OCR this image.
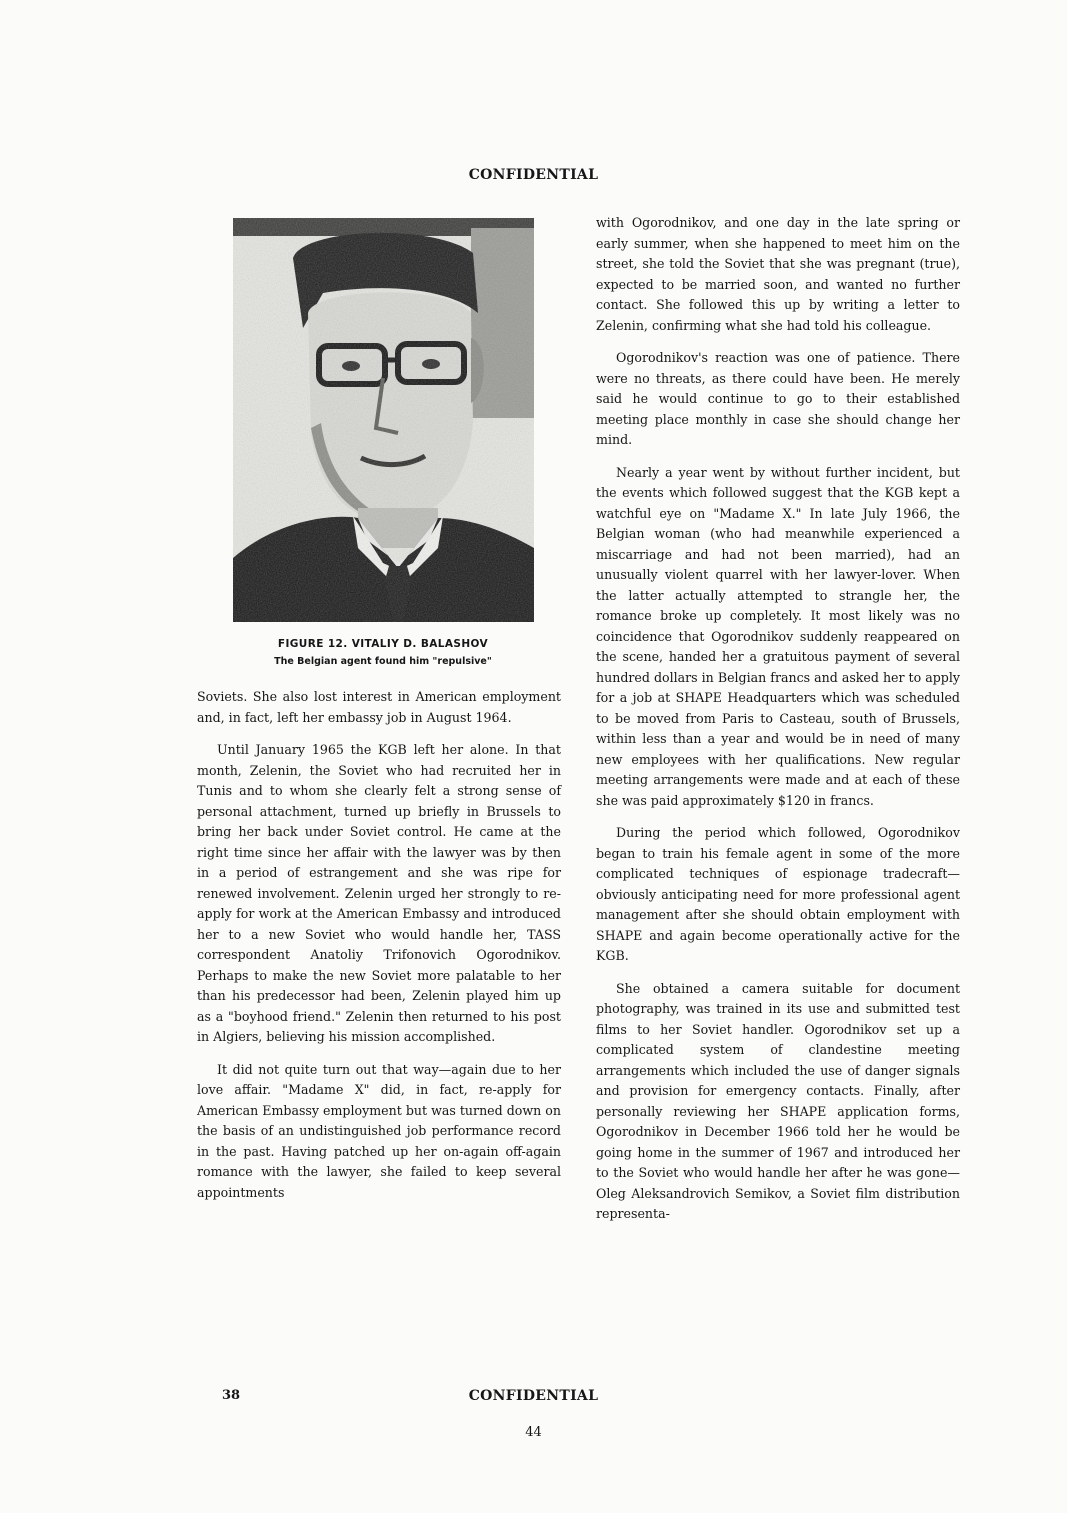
CONFIDENTIAL
FIGURE 12. VITALIY D. BALASHOV
The Belgian agent found him "repulsive"

Soviets. She also lost interest in American employment and, in fact, left her embassy job in August 1964.

Until January 1965 the KGB left her alone. In that month, Zelenin, the Soviet who had recruited her in Tunis and to whom she clearly felt a strong sense of personal attachment, turned up briefly in Brussels to bring her back under Soviet control. He came at the right time since her affair with the lawyer was by then in a period of estrangement and she was ripe for renewed involvement. Zelenin urged her strongly to re-apply for work at the American Embassy and introduced her to a new Soviet who would handle her, TASS correspondent Anatoliy Trifonovich Ogorodnikov. Perhaps to make the new Soviet more palatable to her than his predecessor had been, Zelenin played him up as a "boyhood friend." Zelenin then returned to his post in Algiers, believing his mission accomplished.

It did not quite turn out that way—again due to her love affair. "Madame X" did, in fact, re-apply for American Embassy employment but was turned down on the basis of an undistinguished job performance record in the past. Having patched up her on-again off-again romance with the lawyer, she failed to keep several appointments

with Ogorodnikov, and one day in the late spring or early summer, when she happened to meet him on the street, she told the Soviet that she was pregnant (true), expected to be married soon, and wanted no further contact. She followed this up by writing a letter to Zelenin, confirming what she had told his colleague.

Ogorodnikov's reaction was one of patience. There were no threats, as there could have been. He merely said he would continue to go to their established meeting place monthly in case she should change her mind.

Nearly a year went by without further incident, but the events which followed suggest that the KGB kept a watchful eye on "Madame X." In late July 1966, the Belgian woman (who had meanwhile experienced a miscarriage and had not been married), had an unusually violent quarrel with her lawyer-lover. When the latter actually attempted to strangle her, the romance broke up completely. It most likely was no coincidence that Ogorodnikov suddenly reappeared on the scene, handed her a gratuitous payment of several hundred dollars in Belgian francs and asked her to apply for a job at SHAPE Headquarters which was scheduled to be moved from Paris to Casteau, south of Brussels, within less than a year and would be in need of many new employees with her qualifications. New regular meeting arrangements were made and at each of these she was paid approximately $120 in francs.

During the period which followed, Ogorodnikov began to train his female agent in some of the more complicated techniques of espionage tradecraft—obviously anticipating need for more professional agent management after she should obtain employment with SHAPE and again become operationally active for the KGB.

She obtained a camera suitable for document photography, was trained in its use and submitted test films to her Soviet handler. Ogorodnikov set up a complicated system of clandestine meeting arrangements which included the use of danger signals and provision for emergency contacts. Finally, after personally reviewing her SHAPE application forms, Ogorodnikov in December 1966 told her he would be going home in the summer of 1967 and introduced her to the Soviet who would handle her after he was gone—Oleg Aleksandrovich Semikov, a Soviet film distribution representa-

38	CONFIDENTIAL
44
